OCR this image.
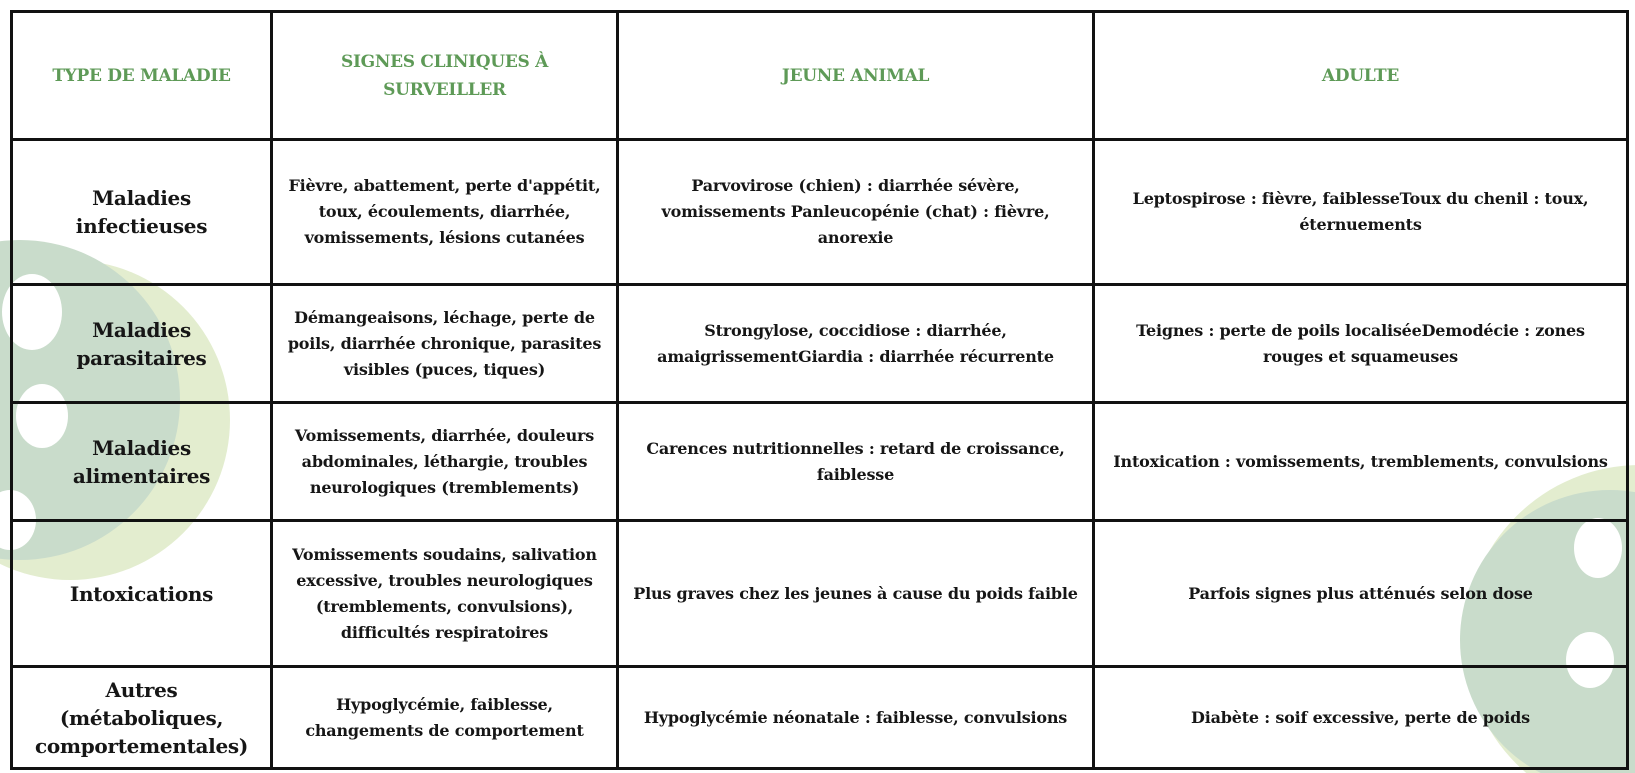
TYPE DE MALADIE	SIGNES CLINIQUES À SURVEILLER	JEUNE ANIMAL	ADULTE
Maladies infectieuses	Fièvre, abattement, perte d'appétit, toux, écoulements, diarrhée, vomissements, lésions cutanées	Parvovirose (chien) : diarrhée sévère, vomissements Panleucopénie (chat) : fièvre, anorexie	Leptospirose : fièvre, faiblesseToux du chenil : toux, éternuements
Maladies parasitaires	Démangeaisons, léchage, perte de poils, diarrhée chronique, parasites visibles (puces, tiques)	Strongylose, coccidiose : diarrhée, amaigrissementGiardia : diarrhée récurrente	Teignes : perte de poils localiséeDemodécie : zones rouges et squameuses
Maladies alimentaires	Vomissements, diarrhée, douleurs abdominales, léthargie, troubles neurologiques (tremblements)	Carences nutritionnelles : retard de croissance, faiblesse	Intoxication : vomissements, tremblements, convulsions
Intoxications	Vomissements soudains, salivation excessive, troubles neurologiques (tremblements, convulsions), difficultés respiratoires	Plus graves chez les jeunes à cause du poids faible	Parfois signes plus atténués selon dose
Autres (métaboliques, comportementales)	Hypoglycémie, faiblesse, changements de comportement	Hypoglycémie néonatale : faiblesse, convulsions	Diabète : soif excessive, perte de poids
